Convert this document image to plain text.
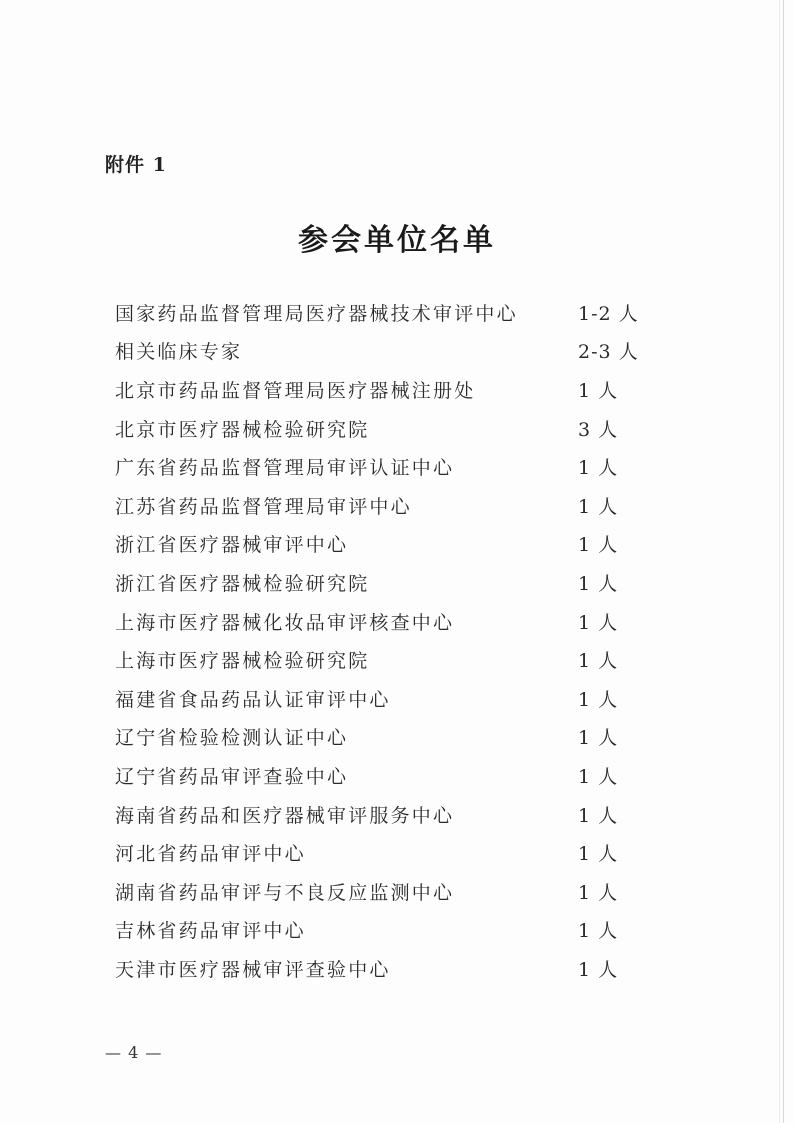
附件 1
参会单位名单
国家药品监督管理局医疗器械技术审评中心	1-2 人
相关临床专家	2-3 人
北京市药品监督管理局医疗器械注册处	1 人
北京市医疗器械检验研究院	3 人
广东省药品监督管理局审评认证中心	1 人
江苏省药品监督管理局审评中心	1 人
浙江省医疗器械审评中心	1 人
浙江省医疗器械检验研究院	1 人
上海市医疗器械化妆品审评核查中心	1 人
上海市医疗器械检验研究院	1 人
福建省食品药品认证审评中心	1 人
辽宁省检验检测认证中心	1 人
辽宁省药品审评查验中心	1 人
海南省药品和医疗器械审评服务中心	1 人
河北省药品审评中心	1 人
湖南省药品审评与不良反应监测中心	1 人
吉林省药品审评中心	1 人
天津市医疗器械审评查验中心	1 人
— 4 —
